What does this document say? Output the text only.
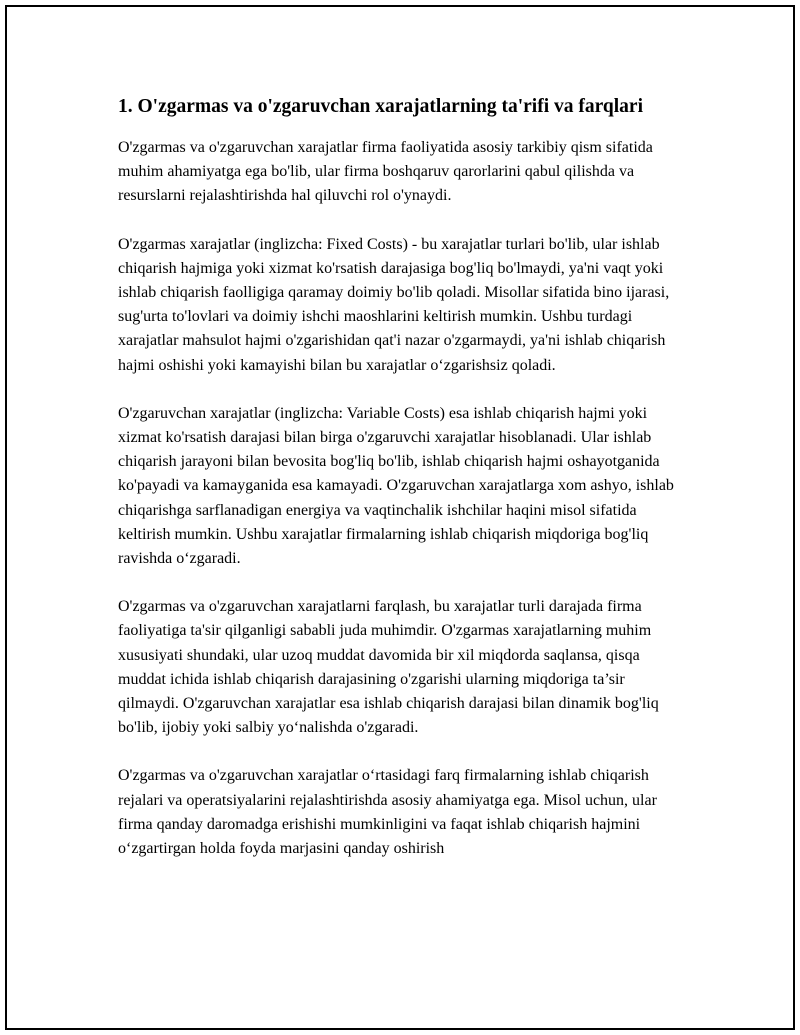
1. O'zgarmas va o'zgaruvchan xarajatlarning ta'rifi va farqlari

O'zgarmas va o'zgaruvchan xarajatlar firma faoliyatida asosiy tarkibiy qism sifatida muhim ahamiyatga ega bo'lib, ular firma boshqaruv qarorlarini qabul qilishda va resurslarni rejalashtirishda hal qiluvchi rol o'ynaydi.

O'zgarmas xarajatlar (inglizcha: Fixed Costs) - bu xarajatlar turlari bo'lib, ular ishlab chiqarish hajmiga yoki xizmat ko'rsatish darajasiga bog'liq bo'lmaydi, ya'ni vaqt yoki ishlab chiqarish faolligiga qaramay doimiy bo'lib qoladi. Misollar sifatida bino ijarasi, sug'urta to'lovlari va doimiy ishchi maoshlarini keltirish mumkin. Ushbu turdagi xarajatlar mahsulot hajmi o'zgarishidan qat'i nazar o'zgarmaydi, ya'ni ishlab chiqarish hajmi oshishi yoki kamayishi bilan bu xarajatlar o‘zgarishsiz qoladi.

O'zgaruvchan xarajatlar (inglizcha: Variable Costs) esa ishlab chiqarish hajmi yoki xizmat ko'rsatish darajasi bilan birga o'zgaruvchi xarajatlar hisoblanadi. Ular ishlab chiqarish jarayoni bilan bevosita bog'liq bo'lib, ishlab chiqarish hajmi oshayotganida ko'payadi va kamayganida esa kamayadi. O'zgaruvchan xarajatlarga xom ashyo, ishlab chiqarishga sarflanadigan energiya va vaqtinchalik ishchilar haqini misol sifatida keltirish mumkin. Ushbu xarajatlar firmalarning ishlab chiqarish miqdoriga bog'liq ravishda o‘zgaradi.

O'zgarmas va o'zgaruvchan xarajatlarni farqlash, bu xarajatlar turli darajada firma faoliyatiga ta'sir qilganligi sababli juda muhimdir. O'zgarmas xarajatlarning muhim xususiyati shundaki, ular uzoq muddat davomida bir xil miqdorda saqlansa, qisqa muddat ichida ishlab chiqarish darajasining o'zgarishi ularning miqdoriga ta’sir qilmaydi. O'zgaruvchan xarajatlar esa ishlab chiqarish darajasi bilan dinamik bog'liq bo'lib, ijobiy yoki salbiy yo‘nalishda o'zgaradi.

O'zgarmas va o'zgaruvchan xarajatlar o‘rtasidagi farq firmalarning ishlab chiqarish rejalari va operatsiyalarini rejalashtirishda asosiy ahamiyatga ega. Misol uchun, ular firma qanday daromadga erishishi mumkinligini va faqat ishlab chiqarish hajmini o‘zgartirgan holda foyda marjasini qanday oshirish
